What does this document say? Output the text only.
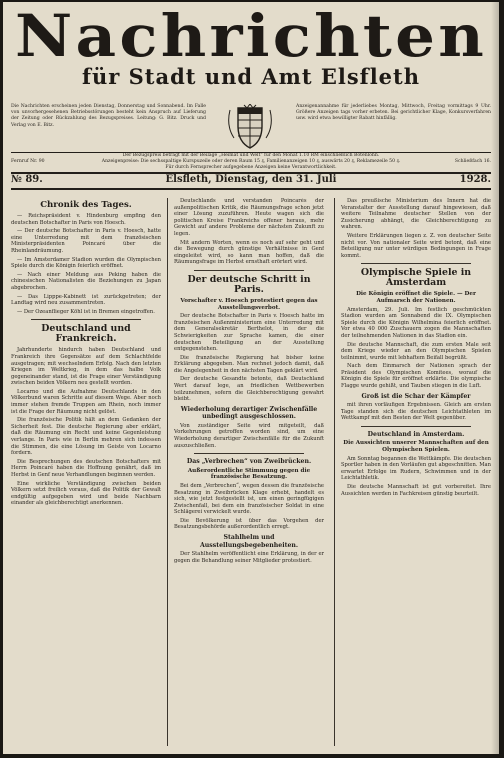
Nachrichten
für Stadt und Amt Elsfleth
Die Nachrichten erscheinen jeden Dienstag, Donnerstag und Sonnabend. Im Falle von unvorhergesehenen Betriebsstörungen besteht kein Anspruch auf Lieferung der Zeitung oder Rückzahlung des Bezugspreises. Leitung: G. Bitz. Druck und Verlag von E. Bitz.
Anzeigenannahme für jederliebes Montag, Mittwoch, Freitag vormittags 9 Uhr. Größere Anzeigen tags vorher erbeten. Bei gerichtlicher Klage, Konkursverfahren usw. wird etwa bewilligter Rabatt hinfällig.
Der Bezugspreis beträgt mit der Beilage „Heimat und Welt“ für den Monat 1.10 RM einschließlich Botenlohn.
Fernruf Nr. 90	Anzeigenpreise: Die sechsspaltige Kurspuzeile oder deren Raum 15 ₰, Familienanzeigen 10 ₰, auswärts 20 ₰, Reklamezeile 50 ₰.	Schließfach 16.
Für durch Fernsprecher aufgegebene Anzeigen keine Verantwortlichkeit.
№ 89.	Elsfleth, Dienstag, den 31. Juli	1928.
Chronik des Tages.

— Reichspräsident v. Hindenburg empfing den deutschen Botschafter in Paris von Hoesch.

— Der deutsche Botschafter in Paris v. Hoesch, hatte eine Unterredung mit dem französischen Ministerpräsidenten Poincaré über die Rheinlandräumung.

— Im Amsterdamer Stadion wurden die Olympischen Spiele durch die Königin feierlich eröffnet.

— Nach einer Meldung aus Peking haben die chinesischen Nationalisten die Beziehungen zu Japan abgebrochen.

— Das Lipppe-Kabinett ist zurückgetreten; der Landtag wird neu zusammentreten.

— Der Ozeanflieger Köhl ist in Bremen eingetroffen.

Deutschland und Frankreich.

Jahrhunderte hindurch haben Deutschland und Frankreich ihre Gegensätze auf dem Schlachtfelde ausgetragen; mit wechselndem Erfolg. Nach den letzten Kriegen im Weltkrieg, in dem das halbe Volk gegeneinander stand, ist die Frage einer Verständigung zwischen beiden Völkern neu gestellt worden.

Locarno und die Aufnahme Deutschlands in den Völkerbund waren Schritte auf diesem Wege. Aber noch immer stehen fremde Truppen am Rhein, noch immer ist die Frage der Räumung nicht gelöst.

Die französische Politik hält an dem Gedanken der Sicherheit fest. Die deutsche Regierung aber erklärt, daß die Räumung ein Recht und keine Gegenleistung verlange. In Paris wie in Berlin mehren sich indessen die Stimmen, die eine Lösung im Geiste von Locarno fordern.

Die Besprechungen des deutschen Botschafters mit Herrn Poincaré haben die Hoffnung genährt, daß im Herbst in Genf neue Verhandlungen beginnen werden.

Eine wirkliche Verständigung zwischen beiden Völkern setzt freilich voraus, daß die Politik der Gewalt endgültig aufgegeben wird und beide Nachbarn einander als gleichberechtigt anerkennen.

Deutschlands und verstanden Poincarés der außenpolitischen Kritik, die Räumungsfrage schon jetzt einer Lösung zuzuführen. Heute wagen sich die politischen Kreise Frankreichs offener heraus, mehr Gewicht auf andere Probleme der nächsten Zukunft zu legen.

Mit andern Worten, wenn es noch auf sehr geht und die Bewegung durch günstige Verhältnisse in Genf eingeleitet wird, so kann man hoffen, daß die Räumungsfrage im Herbst ernsthaft erörtert wird.

Der deutsche Schritt in Paris.
Vorschafter v. Hoesch protestiert gegen das Ausstellungsverbot.

Der deutsche Botschafter in Paris v. Hoesch hatte im französischen Außenministerium eine Unterredung mit dem Generalsekretär Berthelot, in der die Schwierigkeiten zur Sprache kamen, die einer deutschen Beteiligung an der Ausstellung entgegenstehen.

Die französische Regierung hat bisher keine Erklärung abgegeben. Man rechnet jedoch damit, daß die Angelegenheit in den nächsten Tagen geklärt wird.

Der deutsche Gesandte betonte, daß Deutschland Wert darauf lege, an friedlichen Wettbewerben teilzunehmen, sofern die Gleichberechtigung gewahrt bleibt.

Wiederholung derartiger Zwischenfälle unbedingt ausgeschlossen.

Von zuständiger Seite wird mitgeteilt, daß Vorkehrungen getroffen worden sind, um eine Wiederholung derartiger Zwischenfälle für die Zukunft auszuschließen.

Das „Verbrechen“ von Zweibrücken.
Außerordentliche Stimmung gegen die französische Besatzung.

Bei dem „Verbrechen“, wegen dessen die französische Besatzung in Zweibrücken Klage erhebt, handelt es sich, wie jetzt festgestellt ist, um einen geringfügigen Zwischenfall, bei dem ein französischer Soldat in eine Schlägerei verwickelt wurde.

Die Bevölkerung ist über das Vorgehen der Besatzungsbehörde außerordentlich erregt.

Stahlhelm und Ausstellungsbegebenheiten.

Der Stahlhelm veröffentlicht eine Erklärung, in der er gegen die Behandlung seiner Mitglieder protestiert.

Das preußische Ministerium des Innern hat die Veranstalter der Ausstellung darauf hingewiesen, daß weitere Teilnahme deutscher Stellen von der Zusicherung abhängt, die Gleichberechtigung zu wahren.

Weitere Erklärungen liegen z. Z. von deutscher Seite nicht vor. Von nationaler Seite wird betont, daß eine Beteiligung nur unter würdigen Bedingungen in Frage kommt.

Olympische Spiele in Amsterdam
Die Königin eröffnet die Spiele. — Der Aufmarsch der Nationen.

Amsterdam, 29. Juli. Im festlich geschmückten Stadion wurden am Sonnabend die IX. Olympischen Spiele durch die Königin Wilhelmina feierlich eröffnet. Vor etwa 40 000 Zuschauern zogen die Mannschaften der teilnehmenden Nationen in das Stadion ein.

Die deutsche Mannschaft, die zum ersten Male seit dem Kriege wieder an den Olympischen Spielen teilnimmt, wurde mit lebhaftem Beifall begrüßt.

Nach dem Einmarsch der Nationen sprach der Präsident des Olympischen Komitees, worauf die Königin die Spiele für eröffnet erklärte. Die olympische Flagge wurde gehißt, und Tauben stiegen in die Luft.

Groß ist die Schar der Kämpfer

mit ihren vorläufigen Ergebnissen. Gleich am ersten Tage standen sich die deutschen Leichtathleten im Wettkampf mit den Besten der Welt gegenüber.

Deutschland in Amsterdam.
Die Aussichten unserer Mannschaften auf den Olympischen Spielen.

Am Sonntag begannen die Wettkämpfe. Die deutschen Sportler haben in den Vorläufen gut abgeschnitten. Man erwartet Erfolge im Rudern, Schwimmen und in der Leichtathletik.

Die deutsche Mannschaft ist gut vorbereitet. Ihre Aussichten werden in Fachkreisen günstig beurteilt.
